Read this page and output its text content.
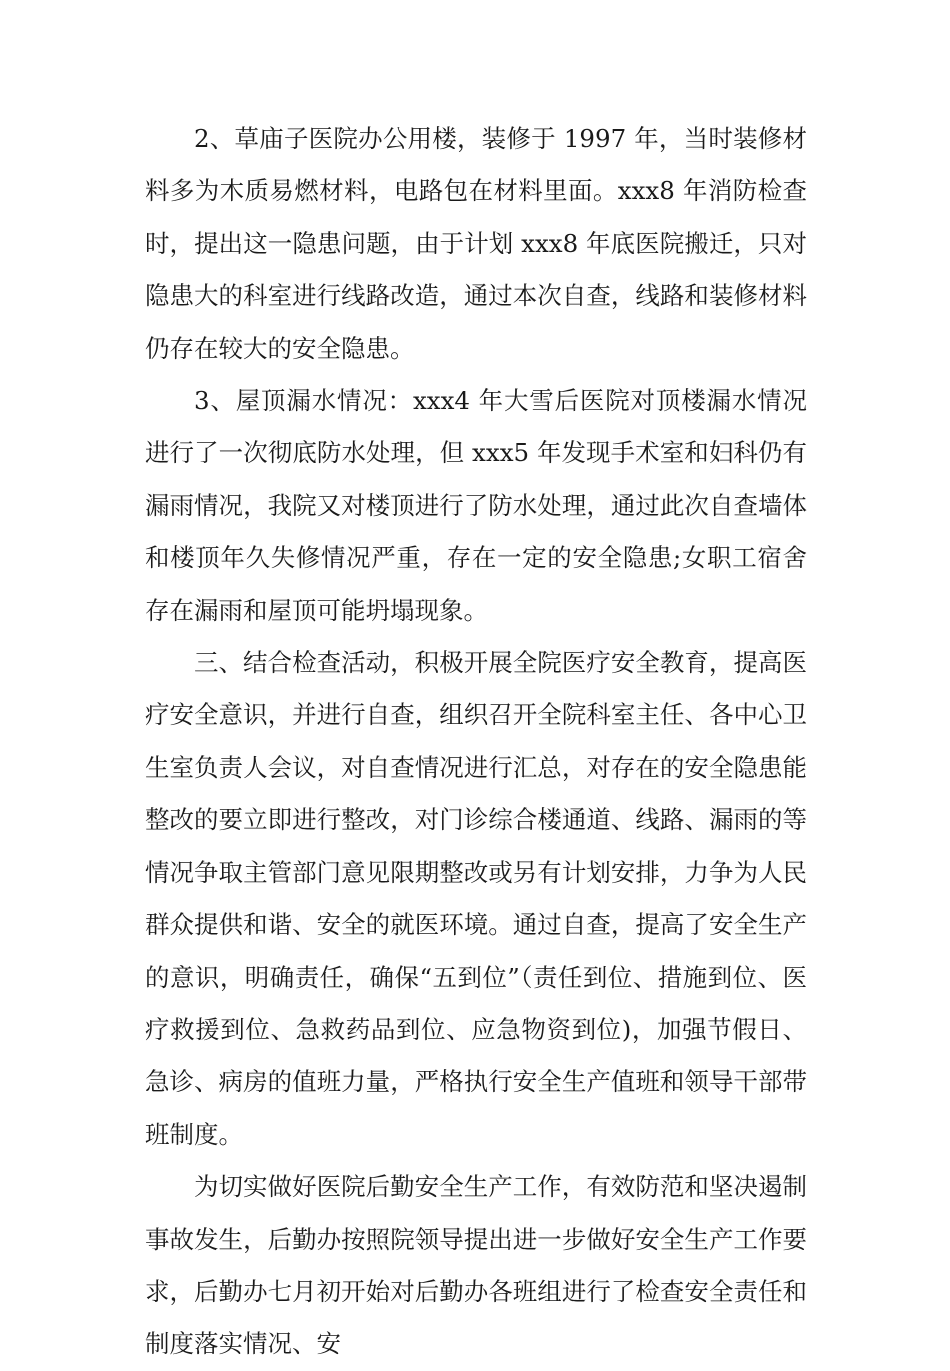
2、草庙子医院办公用楼，装修于 1997 年，当时装修材料多为木质易燃材料，电路包在材料里面。xxx8 年消防检查时，提出这一隐患问题，由于计划 xxx8 年底医院搬迁，只对隐患大的科室进行线路改造，通过本次自查，线路和装修材料仍存在较大的安全隐患。

3、屋顶漏水情况：xxx4 年大雪后医院对顶楼漏水情况进行了一次彻底防水处理，但 xxx5 年发现手术室和妇科仍有漏雨情况，我院又对楼顶进行了防水处理，通过此次自查墙体和楼顶年久失修情况严重，存在一定的安全隐患;女职工宿舍存在漏雨和屋顶可能坍塌现象。

三、结合检查活动，积极开展全院医疗安全教育，提高医疗安全意识，并进行自查，组织召开全院科室主任、各中心卫生室负责人会议，对自查情况进行汇总，对存在的安全隐患能整改的要立即进行整改，对门诊综合楼通道、线路、漏雨的等情况争取主管部门意见限期整改或另有计划安排，力争为人民群众提供和谐、安全的就医环境。通过自查，提高了安全生产的意识，明确责任，确保“五到位”（责任到位、措施到位、医疗救援到位、急救药品到位、应急物资到位)，加强节假日、急诊、病房的值班力量，严格执行安全生产值班和领导干部带班制度。

为切实做好医院后勤安全生产工作，有效防范和坚决遏制事故发生，后勤办按照院领导提出进一步做好安全生产工作要求，后勤办七月初开始对后勤办各班组进行了检查安全责任和制度落实情况、安
